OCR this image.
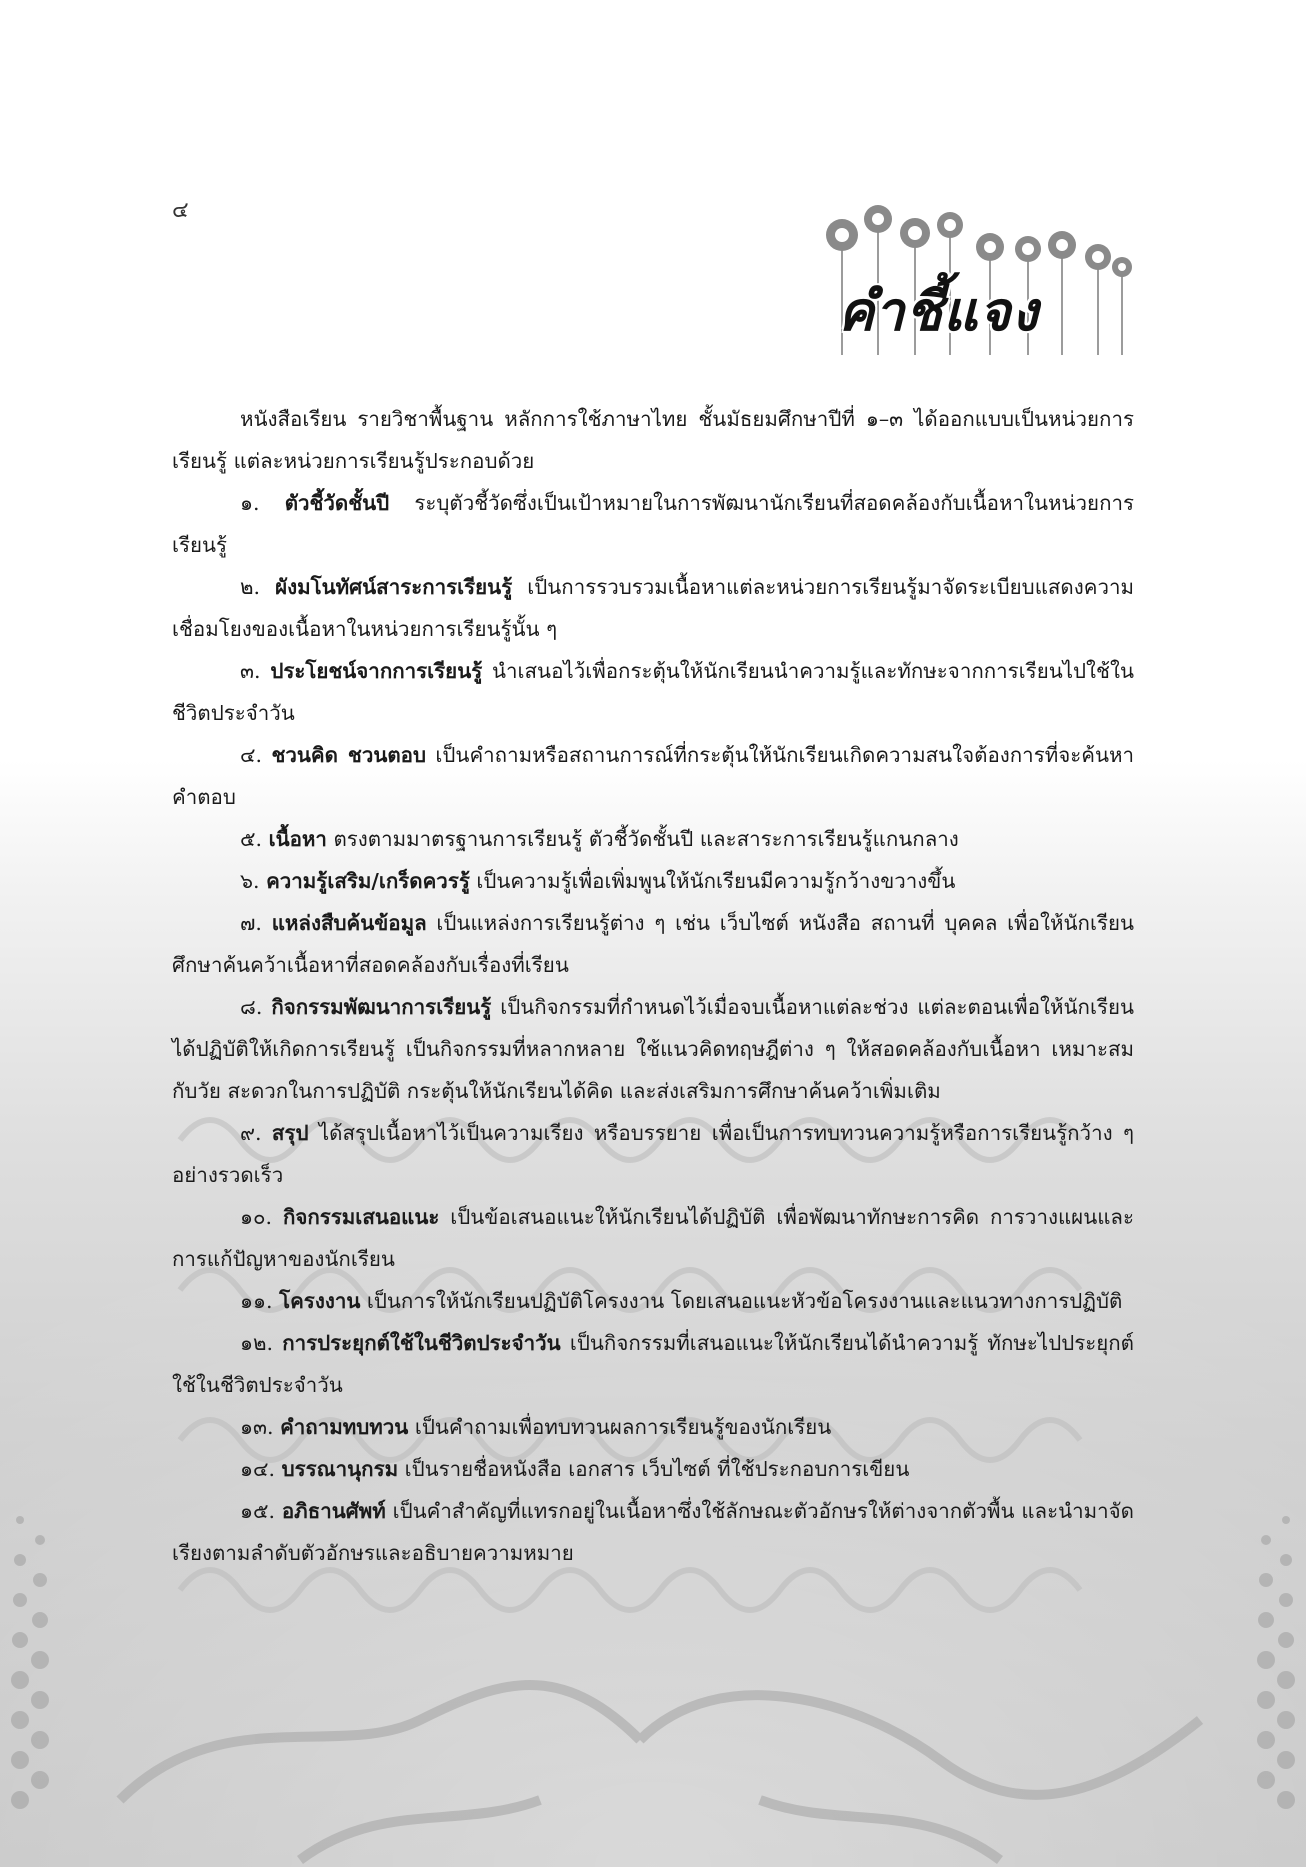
๔
คำชี้แจง

หนังสือเรียน รายวิชาพื้นฐาน หลักการใช้ภาษาไทย ชั้นมัธยมศึกษาปีที่ ๑–๓ ได้ออกแบบเป็นหน่วยการเรียนรู้ แต่ละหน่วยการเรียนรู้ประกอบด้วย

๑. ตัวชี้วัดชั้นปี ระบุตัวชี้วัดซึ่งเป็นเป้าหมายในการพัฒนานักเรียนที่สอดคล้องกับเนื้อหาในหน่วยการเรียนรู้

๒. ผังมโนทัศน์สาระการเรียนรู้ เป็นการรวบรวมเนื้อหาแต่ละหน่วยการเรียนรู้มาจัดระเบียบแสดงความเชื่อมโยงของเนื้อหาในหน่วยการเรียนรู้นั้น ๆ

๓. ประโยชน์จากการเรียนรู้ นำเสนอไว้เพื่อกระตุ้นให้นักเรียนนำความรู้และทักษะจากการเรียนไปใช้ในชีวิตประจำวัน

๔. ชวนคิด ชวนตอบ เป็นคำถามหรือสถานการณ์ที่กระตุ้นให้นักเรียนเกิดความสนใจต้องการที่จะค้นหาคำตอบ

๕. เนื้อหา ตรงตามมาตรฐานการเรียนรู้ ตัวชี้วัดชั้นปี และสาระการเรียนรู้แกนกลาง

๖. ความรู้เสริม/เกร็ดควรรู้ เป็นความรู้เพื่อเพิ่มพูนให้นักเรียนมีความรู้กว้างขวางขึ้น

๗. แหล่งสืบค้นข้อมูล เป็นแหล่งการเรียนรู้ต่าง ๆ เช่น เว็บไซต์ หนังสือ สถานที่ บุคคล เพื่อให้นักเรียนศึกษาค้นคว้าเนื้อหาที่สอดคล้องกับเรื่องที่เรียน

๘. กิจกรรมพัฒนาการเรียนรู้ เป็นกิจกรรมที่กำหนดไว้เมื่อจบเนื้อหาแต่ละช่วง แต่ละตอนเพื่อให้นักเรียนได้ปฏิบัติให้เกิดการเรียนรู้ เป็นกิจกรรมที่หลากหลาย ใช้แนวคิดทฤษฎีต่าง ๆ ให้สอดคล้องกับเนื้อหา เหมาะสมกับวัย สะดวกในการปฏิบัติ กระตุ้นให้นักเรียนได้คิด และส่งเสริมการศึกษาค้นคว้าเพิ่มเติม

๙. สรุป ได้สรุปเนื้อหาไว้เป็นความเรียง หรือบรรยาย เพื่อเป็นการทบทวนความรู้หรือการเรียนรู้กว้าง ๆ อย่างรวดเร็ว

๑๐. กิจกรรมเสนอแนะ เป็นข้อเสนอแนะให้นักเรียนได้ปฏิบัติ เพื่อพัฒนาทักษะการคิด การวางแผนและการแก้ปัญหาของนักเรียน

๑๑. โครงงาน เป็นการให้นักเรียนปฏิบัติโครงงาน โดยเสนอแนะหัวข้อโครงงานและแนวทางการปฏิบัติ

๑๒. การประยุกต์ใช้ในชีวิตประจำวัน เป็นกิจกรรมที่เสนอแนะให้นักเรียนได้นำความรู้ ทักษะไปประยุกต์ใช้ในชีวิตประจำวัน

๑๓. คำถามทบทวน เป็นคำถามเพื่อทบทวนผลการเรียนรู้ของนักเรียน

๑๔. บรรณานุกรม เป็นรายชื่อหนังสือ เอกสาร เว็บไซต์ ที่ใช้ประกอบการเขียน

๑๕. อภิธานศัพท์ เป็นคำสำคัญที่แทรกอยู่ในเนื้อหาซึ่งใช้ลักษณะตัวอักษรให้ต่างจากตัวพื้น และนำมาจัดเรียงตามลำดับตัวอักษรและอธิบายความหมาย
